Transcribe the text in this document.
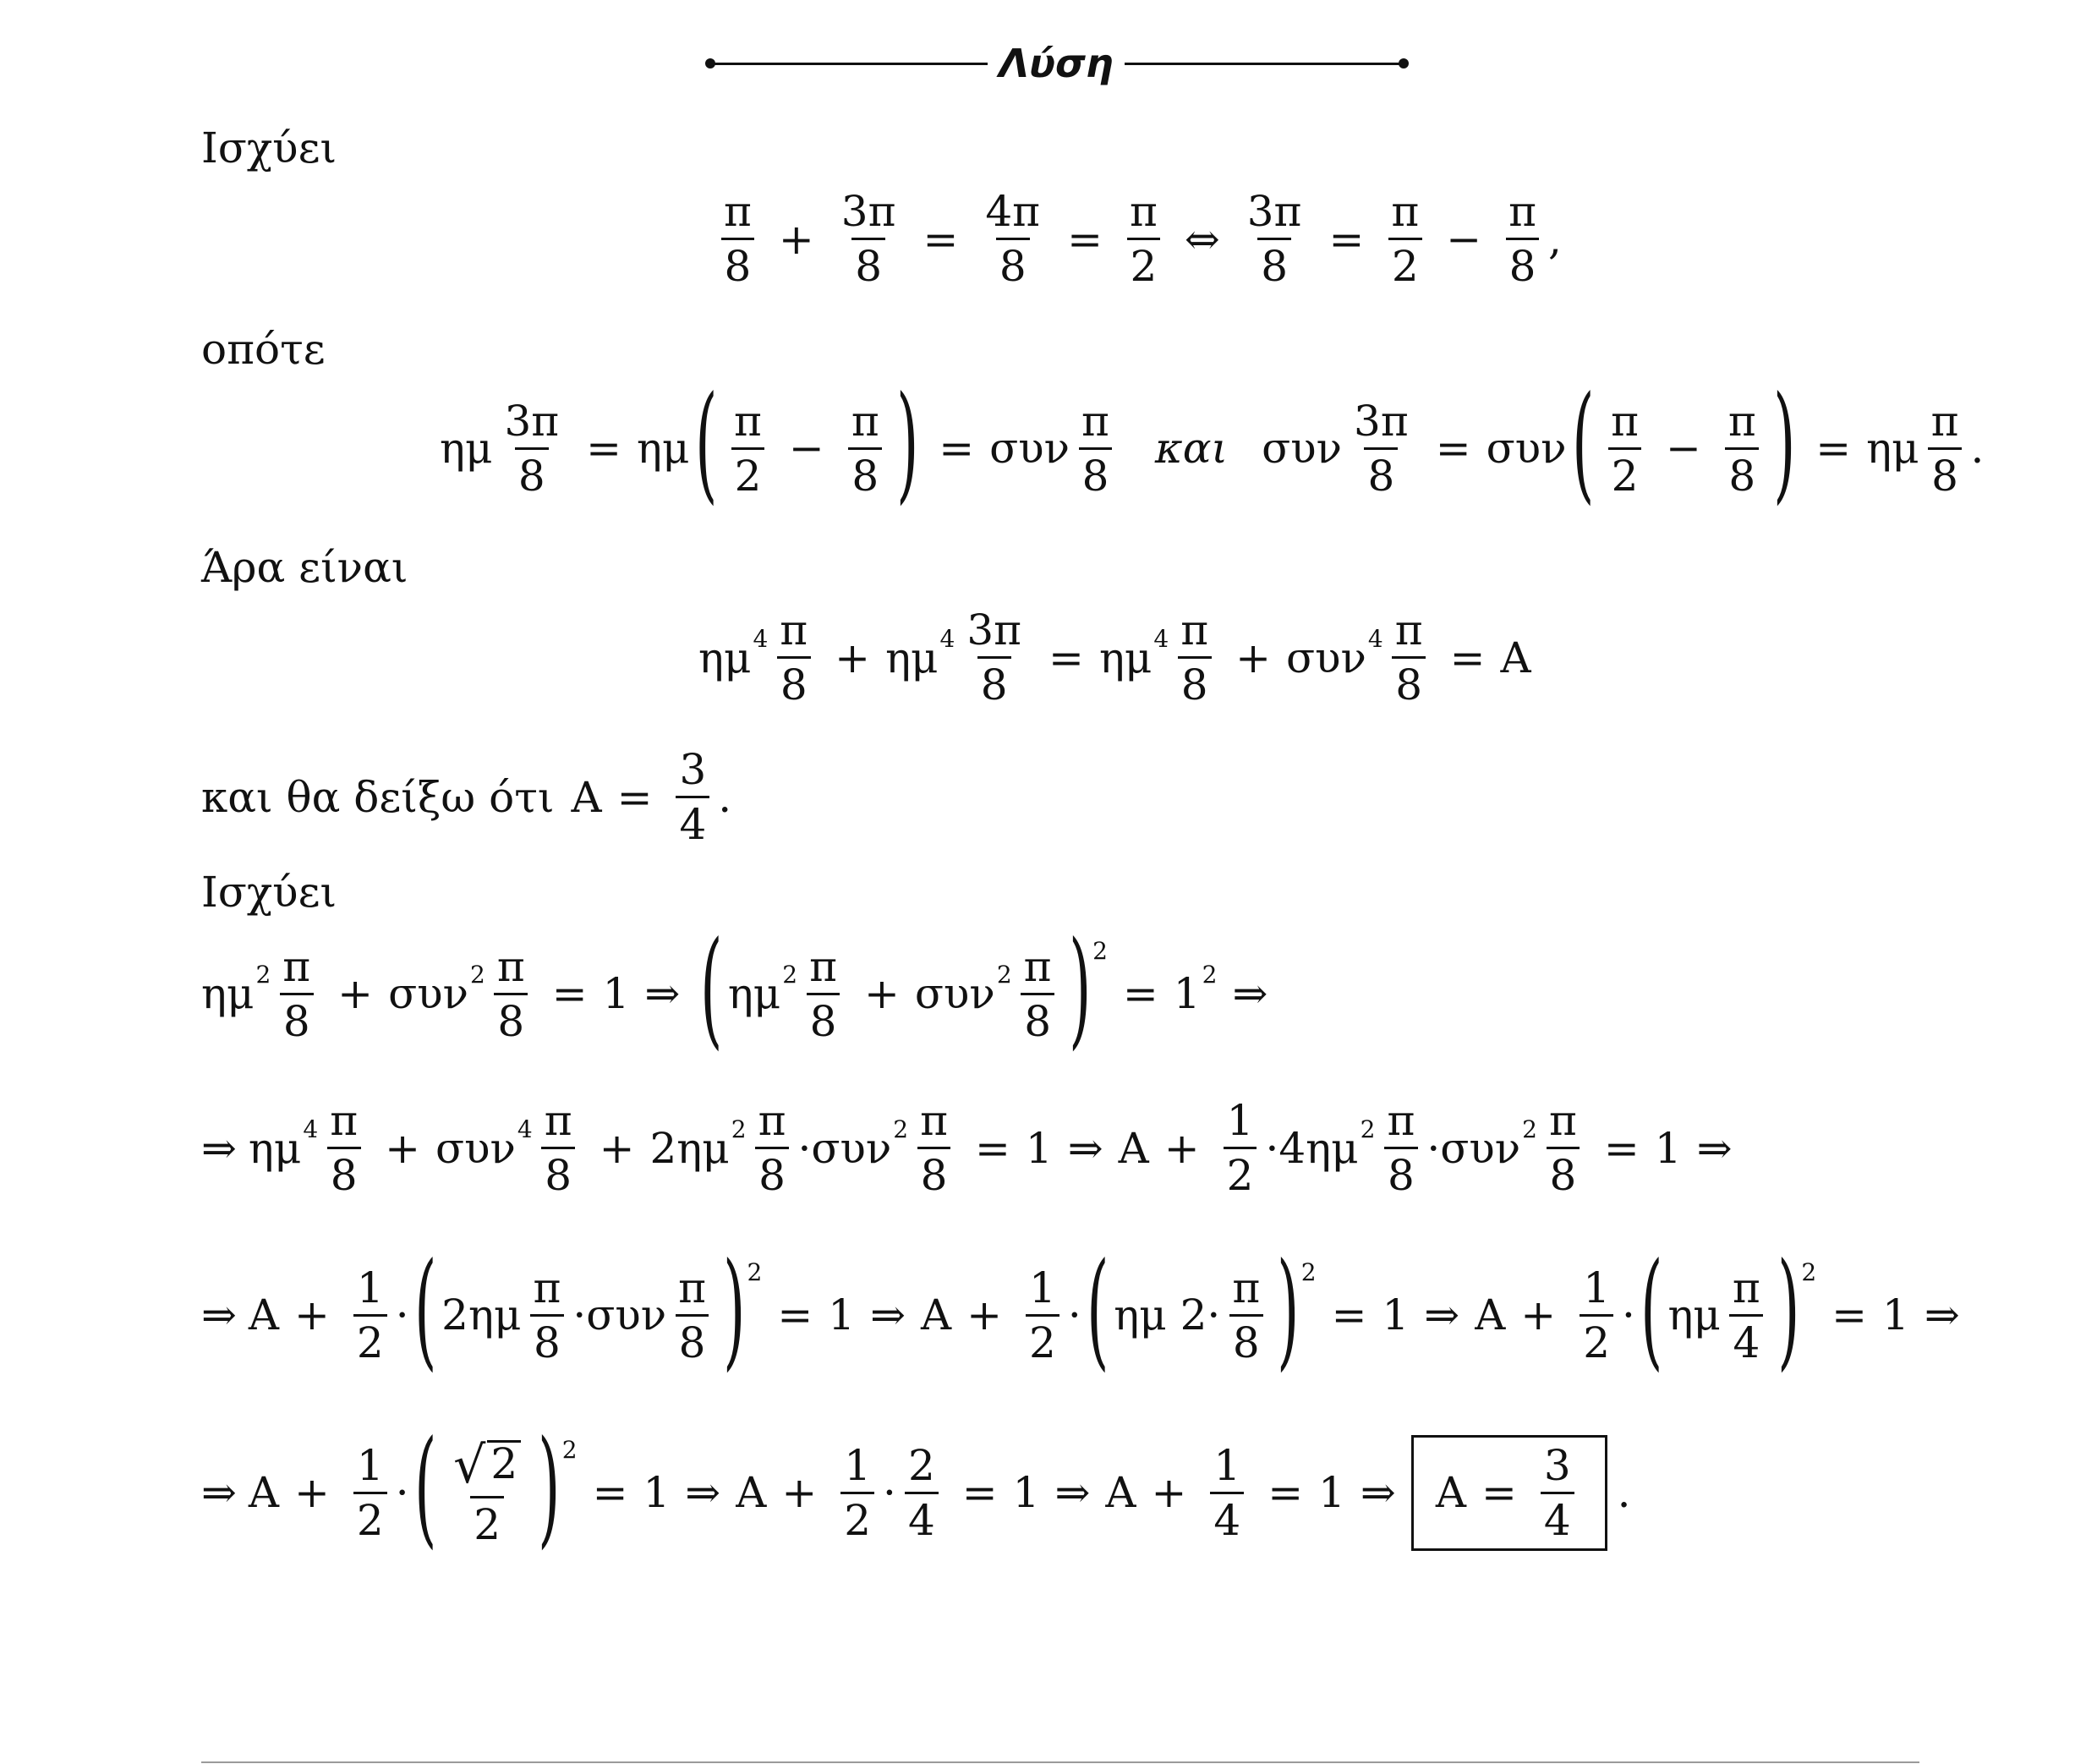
Λύση
Ισχύει
$\frac{\pi}{8} + \frac{3\pi}{8} = \frac{4\pi}{8} = \frac{\pi}{2}$ ⇔ $\frac{3\pi}{8} = \frac{\pi}{2} - \frac{\pi}{8}$ ,
οπότε
ημ $\frac{3\pi}{8} = \eta\mu$ ( $\frac{\pi}{2} - \frac{\pi}{8}$ ) = συν $\frac{\pi}{8}$ και συν $\frac{3\pi}{8} = \sigma\upsilon\nu$ ( $\frac{\pi}{2} - \frac{\pi}{8}$ ) = ημ $\frac{\pi}{8}$ .
Άρα είναι
ημ $4 \frac{\pi}{8} + \eta\mu$ $4 \frac{3\pi}{8} = \eta\mu$ $4 \frac{\pi}{8} + \sigma\upsilon\nu$ $4 \frac{\pi}{8} = A$
και θα δείξω ότι $A = \frac{3}{4}$ .
Ισχύει
ημ $2 \frac{\pi}{8} + \sigma\upsilon\nu$ $2 \frac{\pi}{8} = 1$ ⇒ ( ημ $2 \frac{\pi}{8} + \sigma\upsilon\nu$ $2 \frac{\pi}{8}$ ) 2
= 1 2 ⇒
⇒ ημ $4 \frac{\pi}{8} + \sigma\upsilon\nu$ $4 \frac{\pi}{8} + 2\eta\mu$ $2 \frac{\pi}{8} \cdot \sigma\upsilon\nu$ $2 \frac{\pi}{8} = 1$ ⇒ $A + \frac{1}{2} \cdot 4\eta\mu$ $2 \frac{\pi}{8} \cdot \sigma\upsilon\nu$ $2 \frac{\pi}{8} = 1$ ⇒
⇒ $A + \frac{1}{2}$ · ( $2\eta\mu \frac{\pi}{8} \cdot \sigma\upsilon\nu \frac{\pi}{8}$ ) 2
= 1 ⇒ $A + \frac{1}{2}$ · ( ημ $2 \cdot \frac{\pi}{8}$ ) 2
= 1 ⇒ $A + \frac{1}{2}$ · ( ημ $\frac{\pi}{4}$ ) 2
= 1 ⇒
⇒ $A + \frac{1}{2}$ · ( $\frac{√ 2}{2}$ ) 2
= 1 ⇒ $A + \frac{1}{2} \cdot \frac{2}{4} = 1$ ⇒ $A + \frac{1}{4} = 1$ ⇒ $A = \frac{3}{4}$ .
